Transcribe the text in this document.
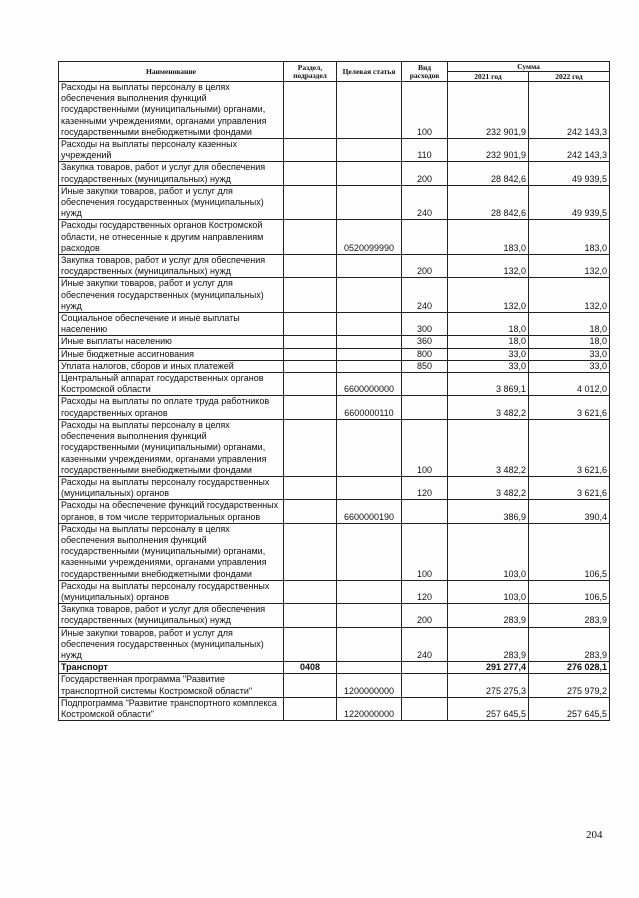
Наименование	Раздел, подраздел	Целевая статья	Вид расходов	Сумма	
				2021 год	2022 год
Расходы на выплаты персоналу в целях обеспечения выполнения функций государственными (муниципальными) органами, казенными учреждениями, органами управления государственными внебюджетными фондами			100	232 901,9	242 143,3
Расходы на выплаты персоналу казенных учреждений			110	232 901,9	242 143,3
Закупка товаров, работ и услуг для обеспечения государственных (муниципальных) нужд			200	28 842,6	49 939,5
Иные закупки товаров, работ и услуг для обеспечения государственных (муниципальных) нужд			240	28 842,6	49 939,5
Расходы государственных органов Костромской области, не отнесенные к другим направлениям расходов		0520099990		183,0	183,0
Закупка товаров, работ и услуг для обеспечения государственных (муниципальных) нужд			200	132,0	132,0
Иные закупки товаров, работ и услуг для обеспечения государственных (муниципальных) нужд			240	132,0	132,0
Социальное обеспечение и иные выплаты населению			300	18,0	18,0
Иные выплаты населению			360	18,0	18,0
Иные бюджетные ассигнования			800	33,0	33,0
Уплата налогов, сборов и иных платежей			850	33,0	33,0
Центральный аппарат государственных органов Костромской области		6600000000		3 869,1	4 012,0
Расходы на выплаты по оплате труда работников государственных органов		6600000110		3 482,2	3 621,6
Расходы на выплаты персоналу в целях обеспечения выполнения функций государственными (муниципальными) органами, казенными учреждениями, органами управления государственными внебюджетными фондами			100	3 482,2	3 621,6
Расходы на выплаты персоналу государственных (муниципальных) органов			120	3 482,2	3 621,6
Расходы на обеспечение функций государственных органов, в том числе территориальных органов		6600000190		386,9	390,4
Расходы на выплаты персоналу в целях обеспечения выполнения функций государственными (муниципальными) органами, казенными учреждениями, органами управления государственными внебюджетными фондами			100	103,0	106,5
Расходы на выплаты персоналу государственных (муниципальных) органов			120	103,0	106,5
Закупка товаров, работ и услуг для обеспечения государственных (муниципальных) нужд			200	283,9	283,9
Иные закупки товаров, работ и услуг для обеспечения государственных (муниципальных) нужд			240	283,9	283,9
Транспорт	0408			291 277,4	276 028,1
Государственная программа "Развитие транспортной системы Костромской области"		1200000000		275 275,3	275 979,2
Подпрограмма "Развитие транспортного комплекса Костромской области"		1220000000		257 645,5	257 645,5
204
